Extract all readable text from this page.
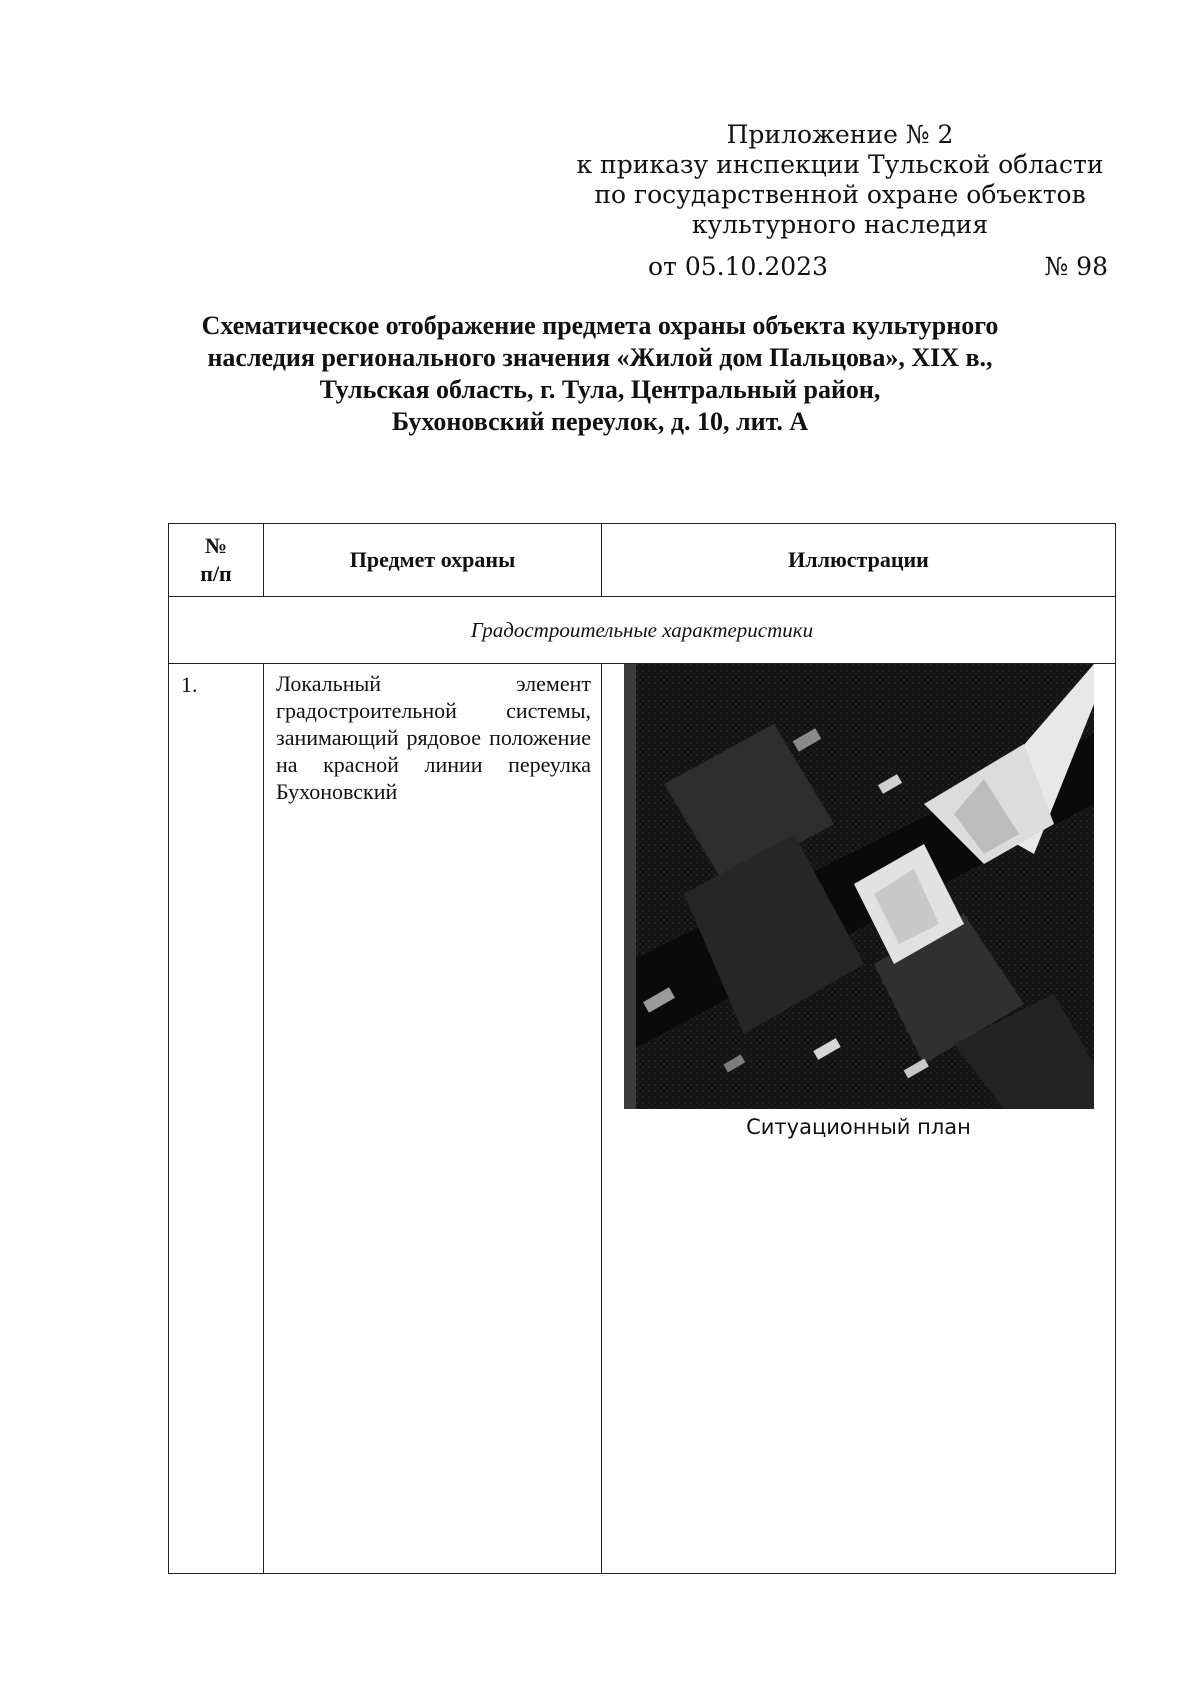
Приложение № 2
к приказу инспекции Тульской области
по государственной охране объектов
культурного наследия
от 05.10.2023	№ 98
Схематическое отображение предмета охраны объекта культурного
наследия регионального значения «Жилой дом Пальцова», XIX в.,
Тульская область, г. Тула, Центральный район,
Бухоновский переулок, д. 10, лит. А
№
п/п	Предмет охраны	Иллюстрации
Градостроительные характеристики		
1.	Локальный элемент градостроительной системы, занимающий рядовое положение на красной линии переулка Бухоновский	Ситуационный план
